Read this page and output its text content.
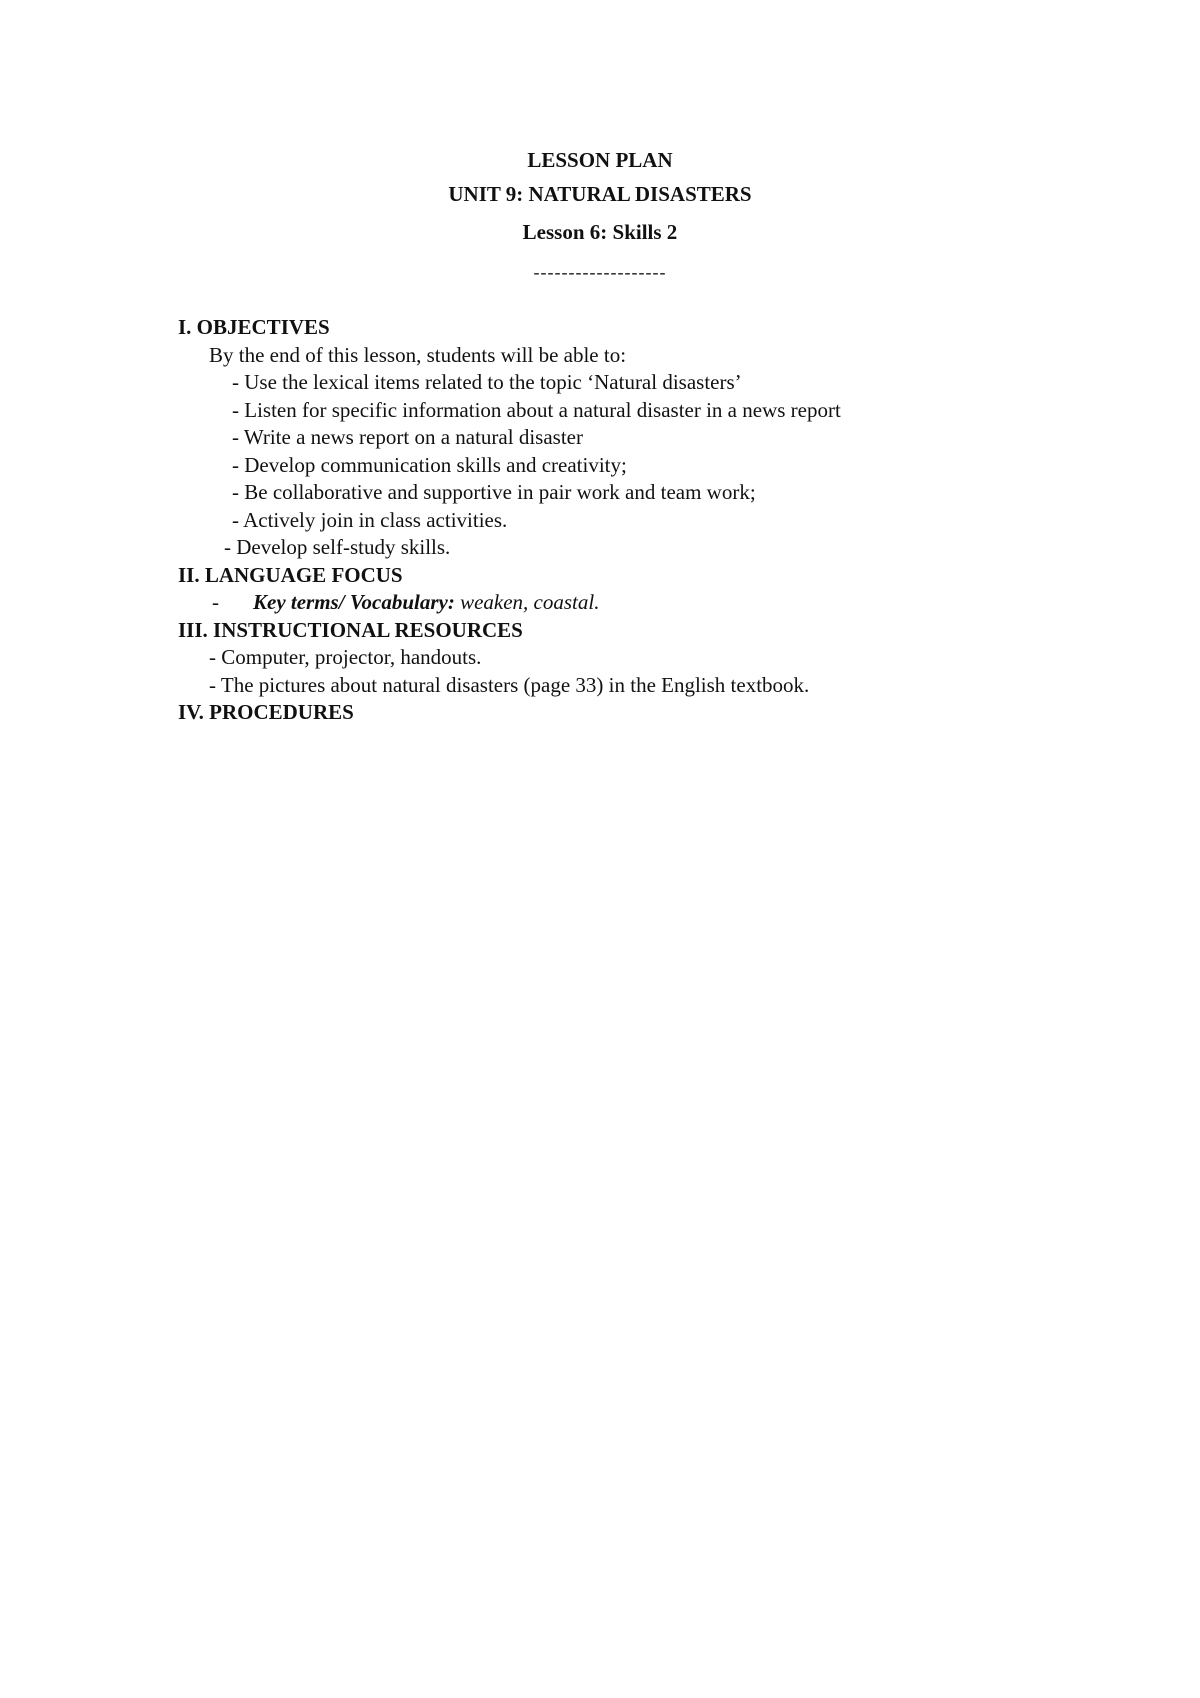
LESSON PLAN
UNIT 9: NATURAL DISASTERS
Lesson 6: Skills 2
-------------------
I. OBJECTIVES
By the end of this lesson, students will be able to:
- Use the lexical items related to the topic ‘Natural disasters’
- Listen for specific information about a natural disaster in a news report
- Write a news report on a natural disaster
- Develop communication skills and creativity;
- Be collaborative and supportive in pair work and team work;
- Actively join in class activities.
- Develop self-study skills.
II. LANGUAGE FOCUS
- Key terms/ Vocabulary: weaken, coastal.
III. INSTRUCTIONAL RESOURCES
- Computer, projector, handouts.
- The pictures about natural disasters (page 33) in the English textbook.
IV. PROCEDURES
